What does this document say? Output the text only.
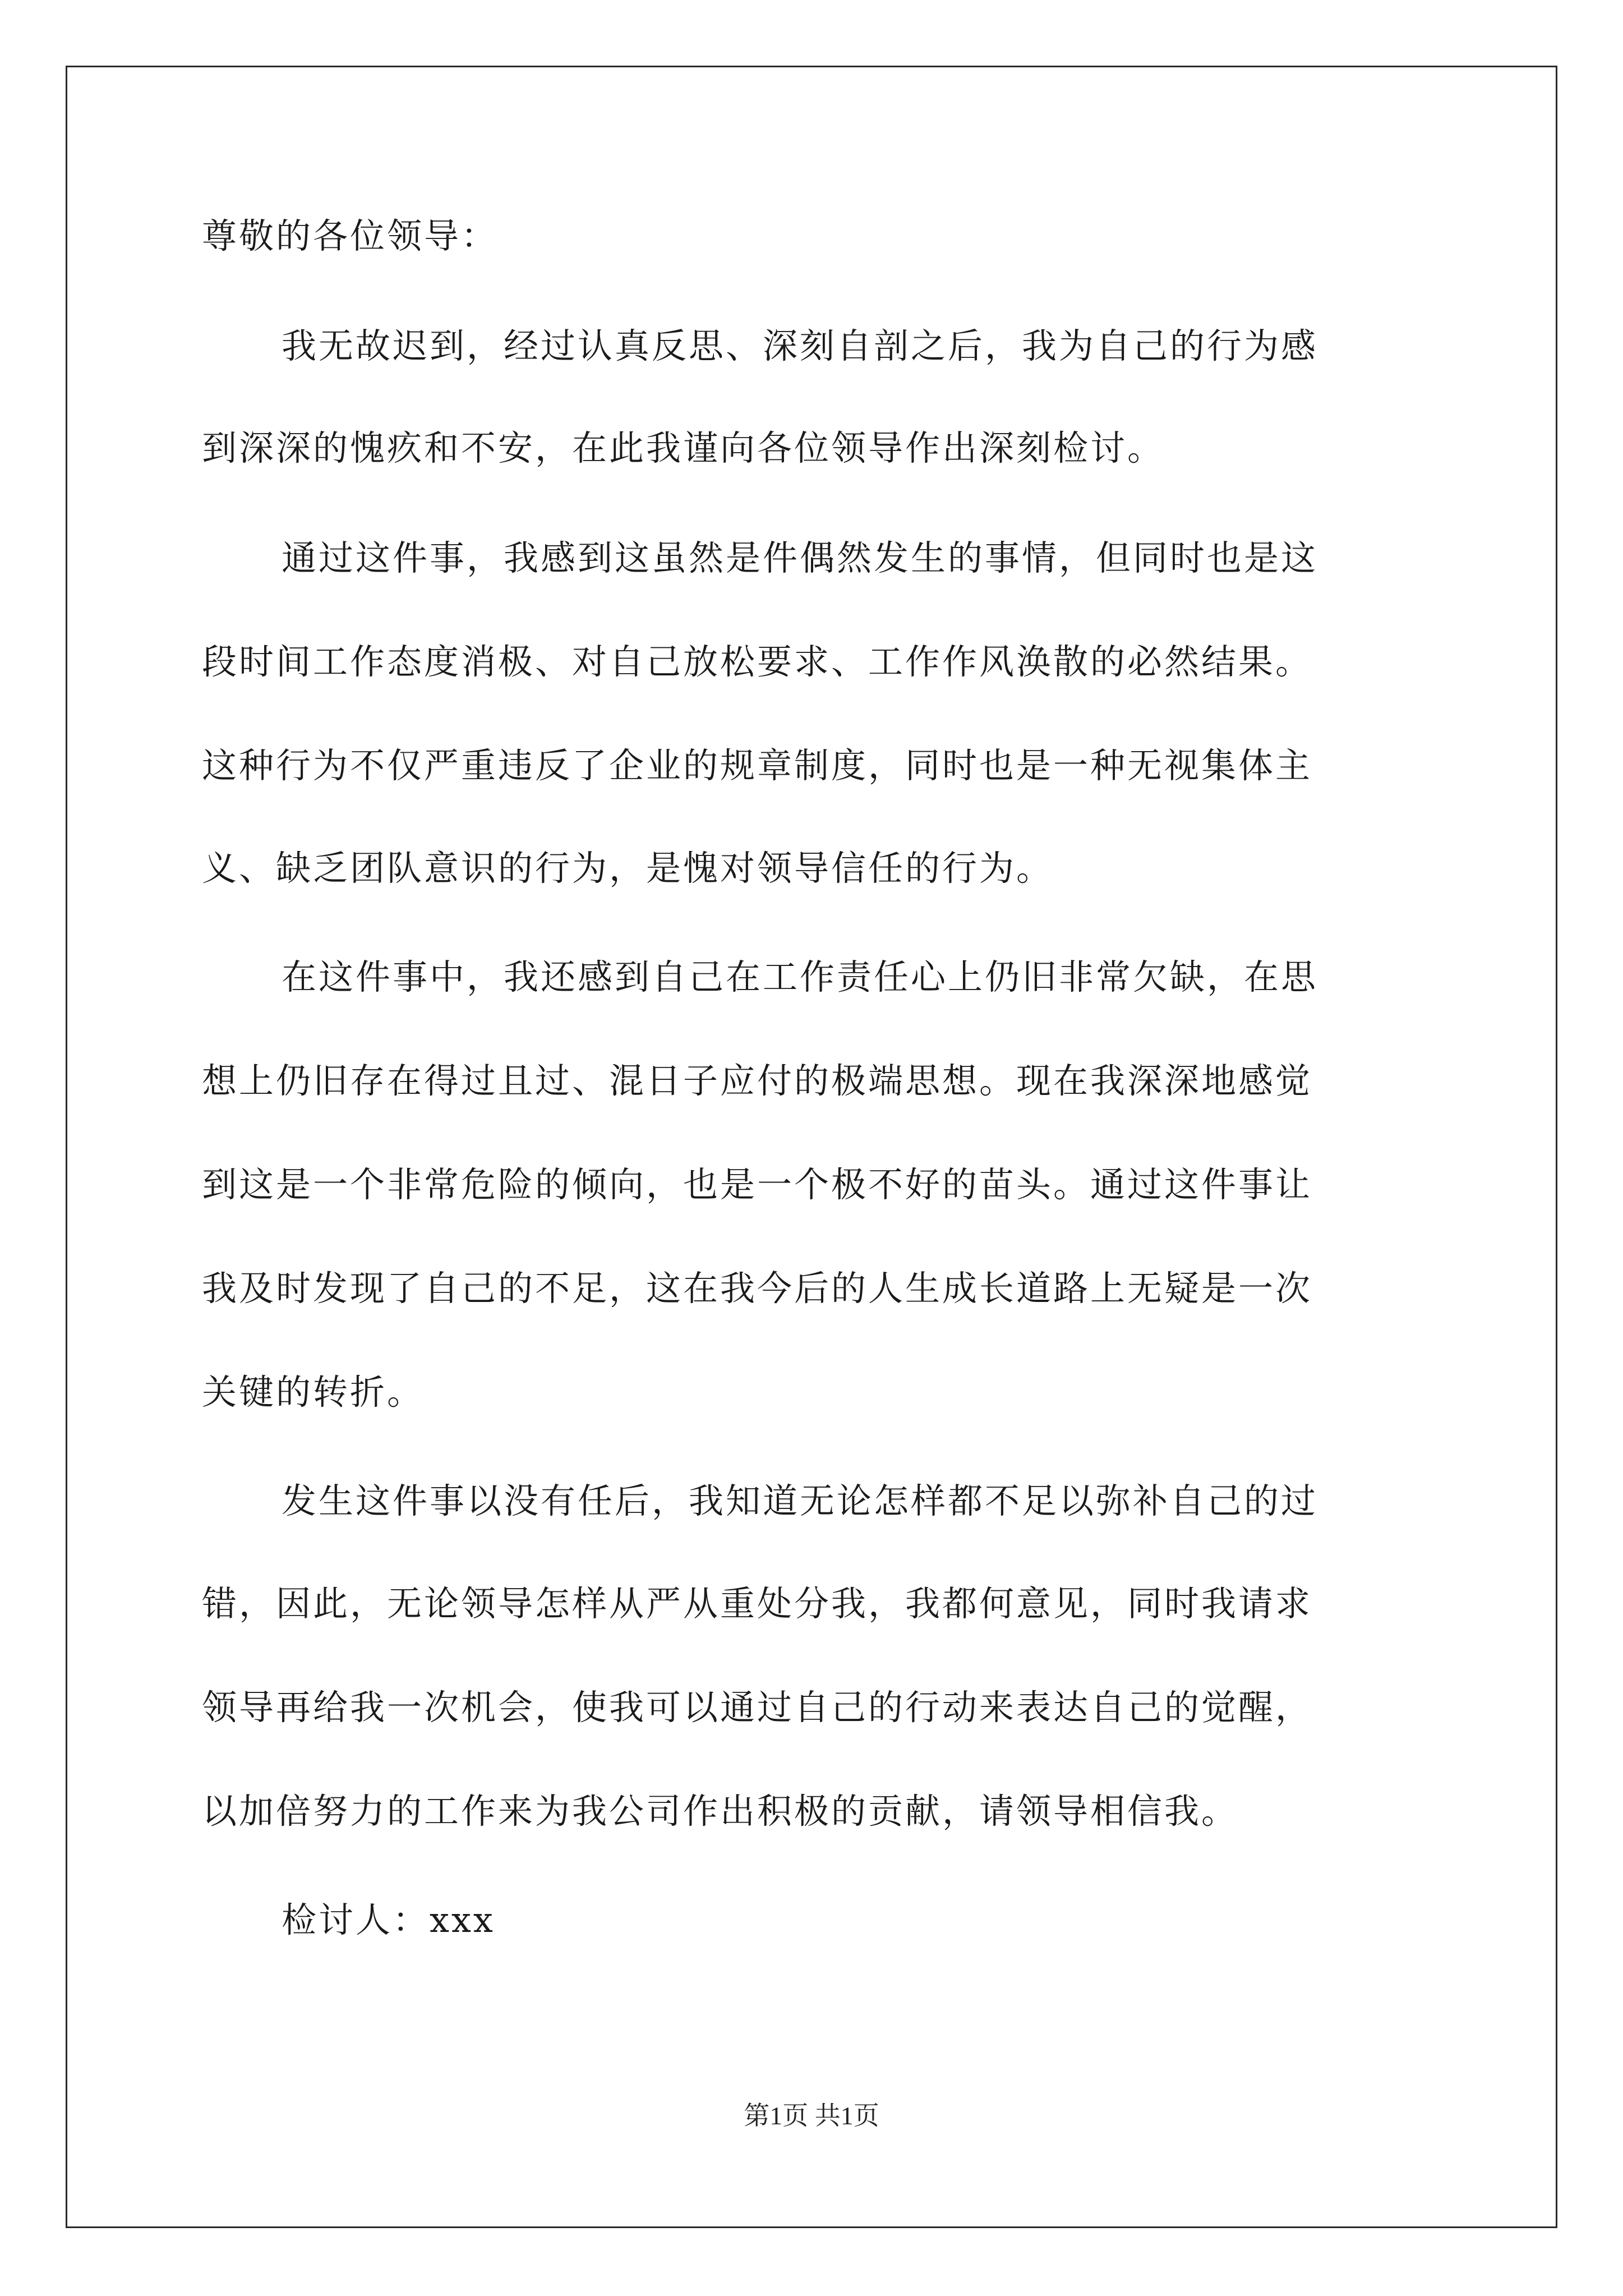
尊敬的各位领导：

我无故迟到，经过认真反思、深刻自剖之后，我为自己的行为感

到深深的愧疚和不安，在此我谨向各位领导作出深刻检讨。

通过这件事，我感到这虽然是件偶然发生的事情，但同时也是这

段时间工作态度消极、对自己放松要求、工作作风涣散的必然结果。

这种行为不仅严重违反了企业的规章制度，同时也是一种无视集体主

义、缺乏团队意识的行为，是愧对领导信任的行为。

在这件事中，我还感到自己在工作责任心上仍旧非常欠缺，在思

想上仍旧存在得过且过、混日子应付的极端思想。现在我深深地感觉

到这是一个非常危险的倾向，也是一个极不好的苗头。通过这件事让

我及时发现了自己的不足，这在我今后的人生成长道路上无疑是一次

关键的转折。

发生这件事以没有任后，我知道无论怎样都不足以弥补自己的过

错，因此，无论领导怎样从严从重处分我，我都何意见，同时我请求

领导再给我一次机会，使我可以通过自己的行动来表达自己的觉醒，

以加倍努力的工作来为我公司作出积极的贡献，请领导相信我。

检讨人：xxx

第1页 共1页
